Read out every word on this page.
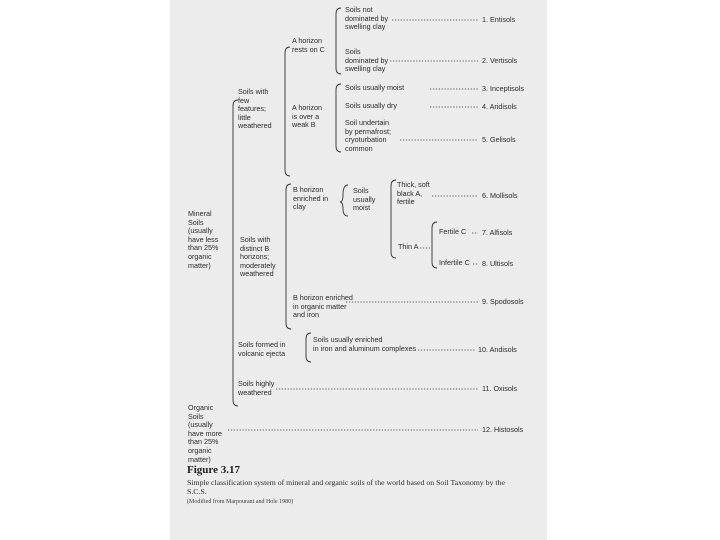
Mineral
Soils
(usually
have less
than 25%
organic
matter)

Organic
Soils
(usually
have more
than 25%
organic
matter)

Soils with
few
features;
little
weathered

Soils with
distinct B
horizons;
moderately
weathered

Soils formed in
volcanic ejecta

Soils highly
weathered

A horizon
rests on C

A horizon
is over a
weak B

B horizon
enriched in
clay

B horizon enriched
in organic matter
and iron

Soils not
dominated by
swelling clay

Soils
dominated by
swelling clay

Soils usually moist

Soils usually dry

Soil undertain
by permafrost;
cryoturbation
common

Soils
usually
moist

Thick, soft
black A,
fertile

Thin A

Fertile C

Infertile C

Soils usually enriched
in iron and aluminum complexes

1. Entisols

2. Vertisols

3. Inceptisols

4. Aridisols

5. Gelisols

6. Mollisols

7. Alfisols

8. Ultisols

9. Spodosols

10. Andisols

11. Oxisols

12. Histosols

Figure 3.17
Simple classification system of mineral and organic soils of the world based on Soil Taxonomy by the
S.C.S.
(Modified from Marpourant and Hole 1980)
